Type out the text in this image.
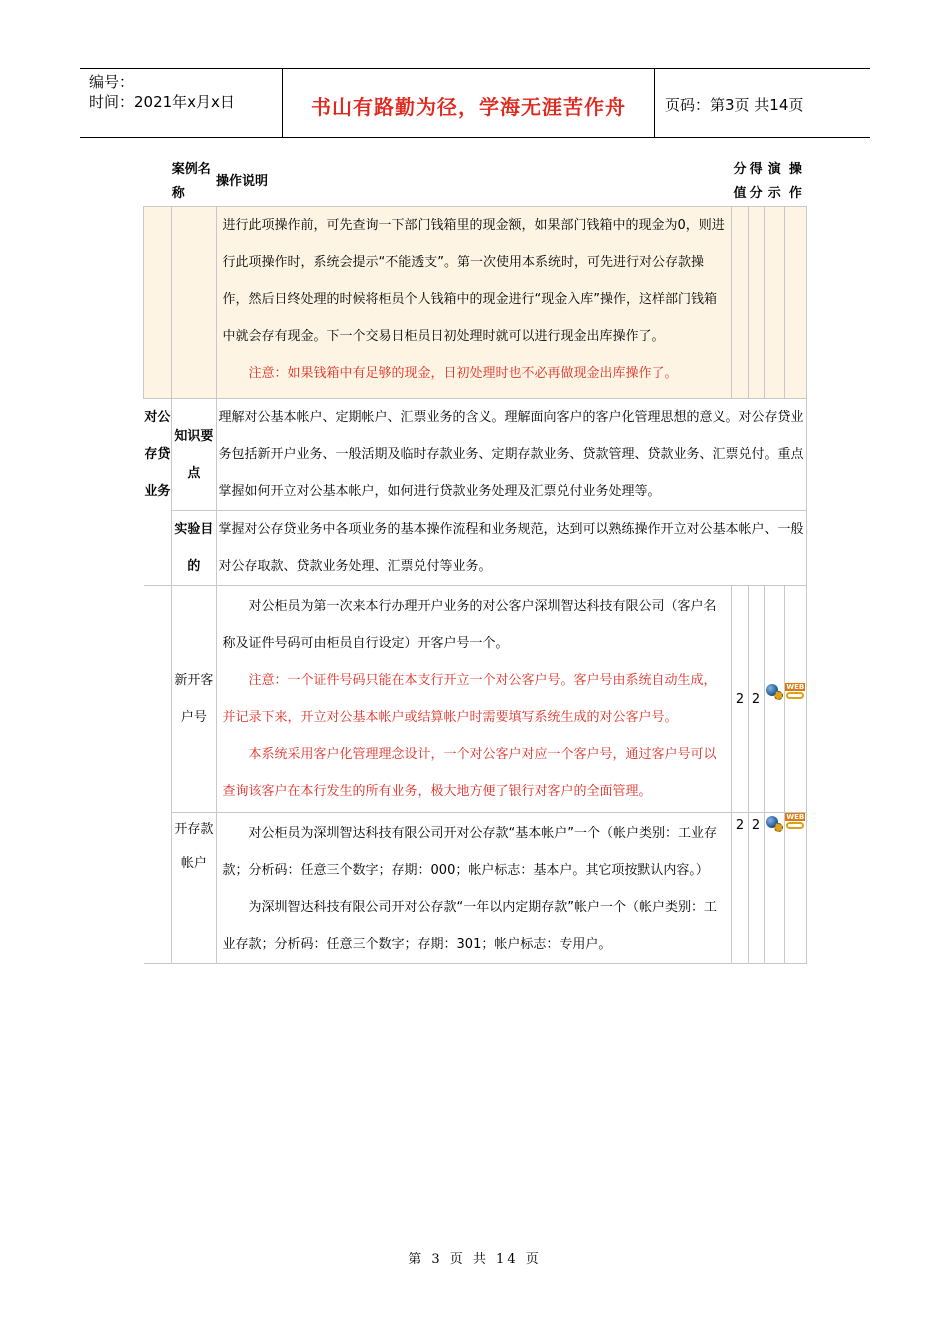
编号：
时间：2021年x月x日	书山有路勤为径，学海无涯苦作舟	页码：第3页 共14页
	案例名称	操作说明	分值	得分	演示	操作

		进行此项操作前，可先查询一下部门钱箱里的现金额，如果部门钱箱中的现金为0，则进行此项操作时，系统会提示“不能透支”。第一次使用本系统时，可先进行对公存款操作，然后日终处理的时候将柜员个人钱箱中的现金进行“现金入库”操作，这样部门钱箱中就会存有现金。下一个交易日柜员日初处理时就可以进行现金出库操作了。
注意：如果钱箱中有足够的现金，日初处理时也不必再做现金出库操作了。				

对公存贷业务	知识要点	理解对公基本帐户、定期帐户、汇票业务的含义。理解面向客户的客户化管理思想的意义。对公存贷业务包括新开户业务、一般活期及临时存款业务、定期存款业务、贷款管理、贷款业务、汇票兑付。重点掌握如何开立对公基本帐户，如何进行贷款业务处理及汇票兑付业务处理等。				
	实验目的	掌握对公存贷业务中各项业务的基本操作流程和业务规范，达到可以熟练操作开立对公基本帐户、一般对公存取款、贷款业务处理、汇票兑付等业务。				
	新开客户号	对公柜员为第一次来本行办理开户业务的对公客户深圳智达科技有限公司（客户名称及证件号码可由柜员自行设定）开客户号一个。
注意：一个证件号码只能在本支行开立一个对公客户号。客户号由系统自动生成，并记录下来，开立对公基本帐户或结算帐户时需要填写系统生成的对公客户号。
本系统采用客户化管理理念设计，一个对公客户对应一个客户号，通过客户号可以查询该客户在本行发生的所有业务，极大地方便了银行对客户的全面管理。	2	2		WEB

	开存款帐户	对公柜员为深圳智达科技有限公司开对公存款“基本帐户”一个（帐户类别：工业存款；分析码：任意三个数字；存期：000；帐户标志：基本户。其它项按默认内容。）
为深圳智达科技有限公司开对公存款“一年以内定期存款”帐户一个（帐户类别：工业存款；分析码：任意三个数字；存期：301；帐户标志：专用户。	2	2		WEB
第 3 页 共 14 页
